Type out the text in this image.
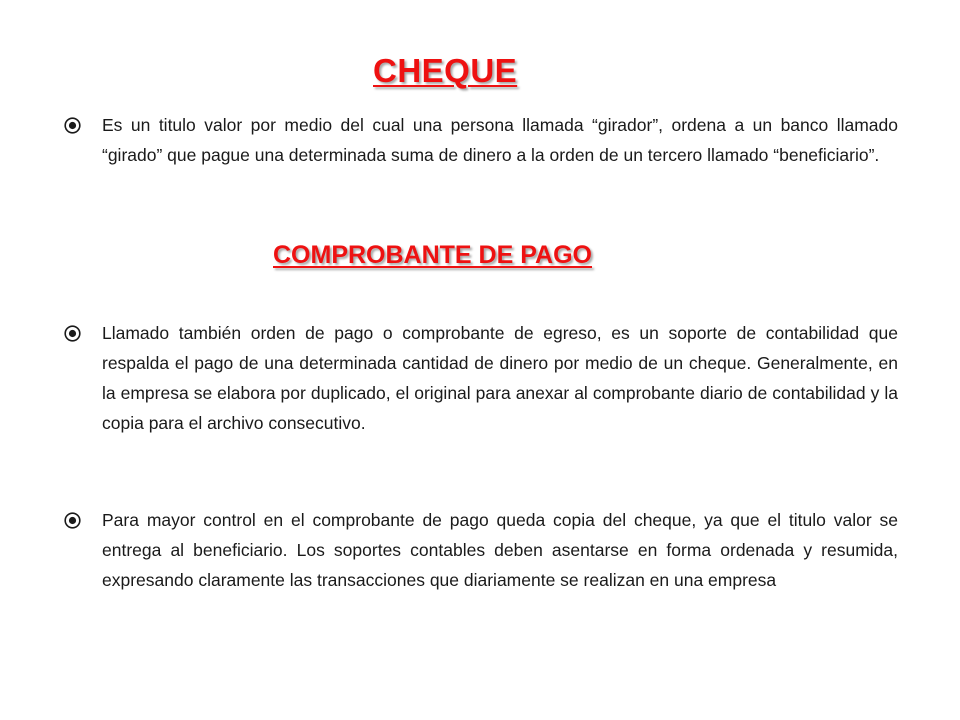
CHEQUE
Es un titulo valor por medio del cual una persona llamada “girador”, ordena a un banco llamado “girado” que pague una determinada suma de dinero a la orden de un tercero llamado “beneficiario”.
COMPROBANTE DE PAGO
Llamado también orden de pago o comprobante de egreso, es un soporte de contabilidad que respalda el pago de una determinada cantidad de dinero por medio de un cheque. Generalmente, en la empresa se elabora por duplicado, el original para anexar al comprobante diario de contabilidad y la copia para el archivo consecutivo.
Para mayor control en el comprobante de pago queda copia del cheque, ya que el titulo valor se entrega al beneficiario. Los soportes contables deben asentarse en forma ordenada y resumida, expresando claramente las transacciones que diariamente se realizan en una empresa
